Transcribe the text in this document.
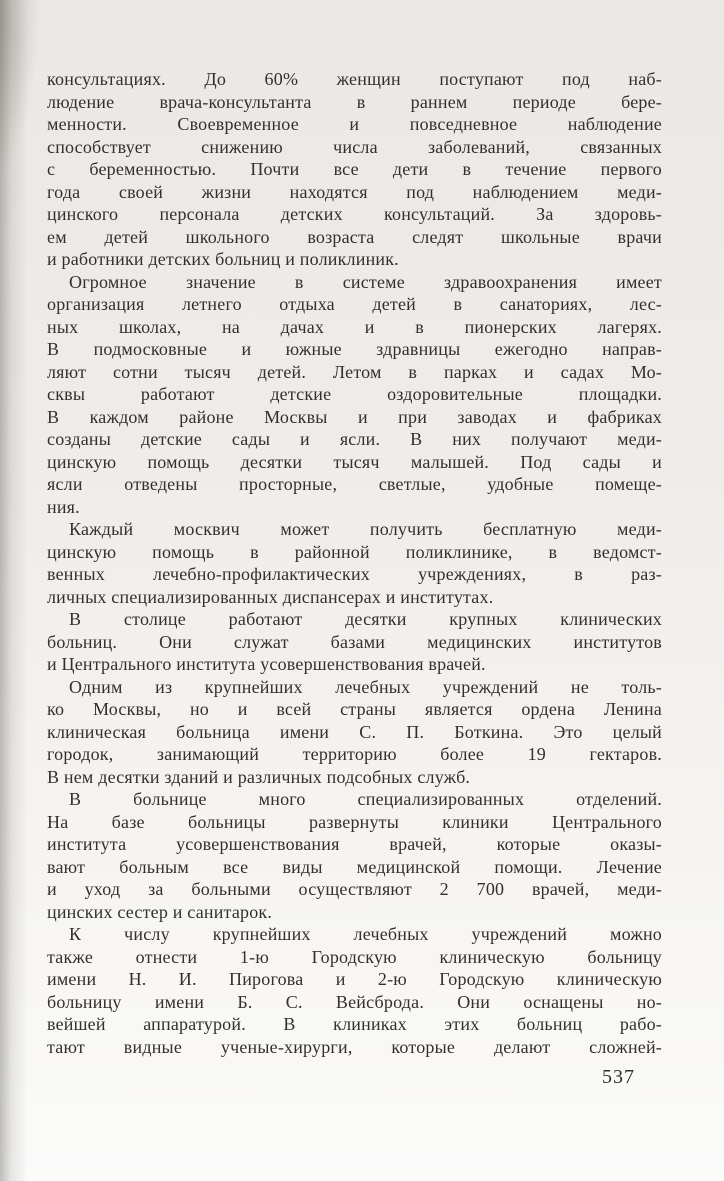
консультациях. До 60% женщин поступают под наб-
людение врача-консультанта в раннем периоде бере-
менности. Своевременное и повседневное наблюдение
способствует снижению числа заболеваний, связанных
с беременностью. Почти все дети в течение первого
года своей жизни находятся под наблюдением меди-
цинского персонала детских консультаций. За здоровь-
ем детей школьного возраста следят школьные врачи
и работники детских больниц и поликлиник.
Огромное значение в системе здравоохранения имеет
организация летнего отдыха детей в санаториях, лес-
ных школах, на дачах и в пионерских лагерях.
В подмосковные и южные здравницы ежегодно направ-
ляют сотни тысяч детей. Летом в парках и садах Мо-
сквы работают детские оздоровительные площадки.
В каждом районе Москвы и при заводах и фабриках
созданы детские сады и ясли. В них получают меди-
цинскую помощь десятки тысяч малышей. Под сады и
ясли отведены просторные, светлые, удобные помеще-
ния.
Каждый москвич может получить бесплатную меди-
цинскую помощь в районной поликлинике, в ведомст-
венных лечебно-профилактических учреждениях, в раз-
личных специализированных диспансерах и институтах.
В столице работают десятки крупных клинических
больниц. Они служат базами медицинских институтов
и Центрального института усовершенствования врачей.
Одним из крупнейших лечебных учреждений не толь-
ко Москвы, но и всей страны является ордена Ленина
клиническая больница имени С. П. Боткина. Это целый
городок, занимающий территорию более 19 гектаров.
В нем десятки зданий и различных подсобных служб.
В больнице много специализированных отделений.
На базе больницы развернуты клиники Центрального
института усовершенствования врачей, которые оказы-
вают больным все виды медицинской помощи. Лечение
и уход за больными осуществляют 2 700 врачей, меди-
цинских сестер и санитарок.
К числу крупнейших лечебных учреждений можно
также отнести 1-ю Городскую клиническую больницу
имени Н. И. Пирогова и 2-ю Городскую клиническую
больницу имени Б. С. Вейсброда. Они оснащены но-
вейшей аппаратурой. В клиниках этих больниц рабо-
тают видные ученые-хирурги, которые делают сложней-
537
